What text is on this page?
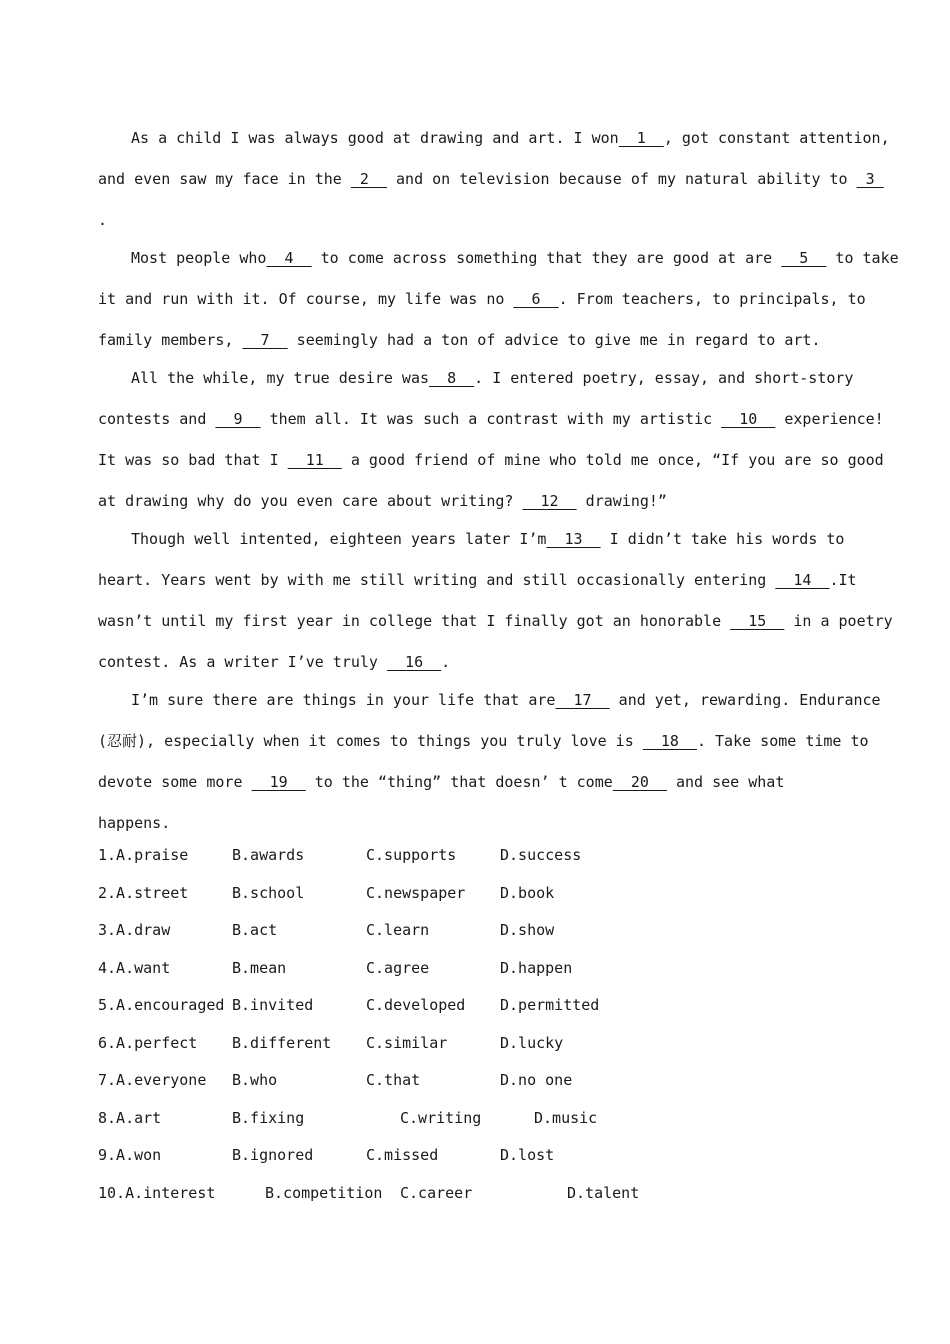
As a child I was always good at drawing and art. I won  1  , got constant attention,
and even saw my face in the  2   and on television because of my natural ability to  3
.
Most people who  4   to come across something that they are good at are   5   to take
it and run with it. Of course, my life was no   6  . From teachers, to principals, to
family members,   7   seemingly had a ton of advice to give me in regard to art.
All the while, my true desire was  8  . I entered poetry, essay, and short-story
contests and   9   them all. It was such a contrast with my artistic   10   experience!
It was so bad that I   11   a good friend of mine who told me once, “If you are so good
at drawing why do you even care about writing?   12   drawing!”
Though well intented, eighteen years later I’m  13   I didn’t take his words to
heart. Years went by with me still writing and still occasionally entering   14  .It
wasn’t until my first year in college that I finally got an honorable   15   in a poetry
contest. As a writer I’ve truly   16  .
I’m sure there are things in your life that are  17   and yet, rewarding. Endurance
(忍耐), especially when it comes to things you truly love is   18  . Take some time to
devote some more   19   to the “thing” that doesn’ t come  20   and see what
happens.
1.A.praise	B.awards	C.supports	D.success
2.A.street	B.school	C.newspaper D.book
3.A.draw	B.act	C.learn	D.show
4.A.want	B.mean	C.agree	D.happen
5.A.encouraged B.invited	C.developed D.permitted
6.A.perfect B.different C.similar	D.lucky
7.A.everyone B.who	C.that	D.no one
8.A.art	B.fixing	C.writing	D.music
9.A.won	B.ignored	C.missed	D.lost
10.A.interest	B.competition C.career	D.talent
